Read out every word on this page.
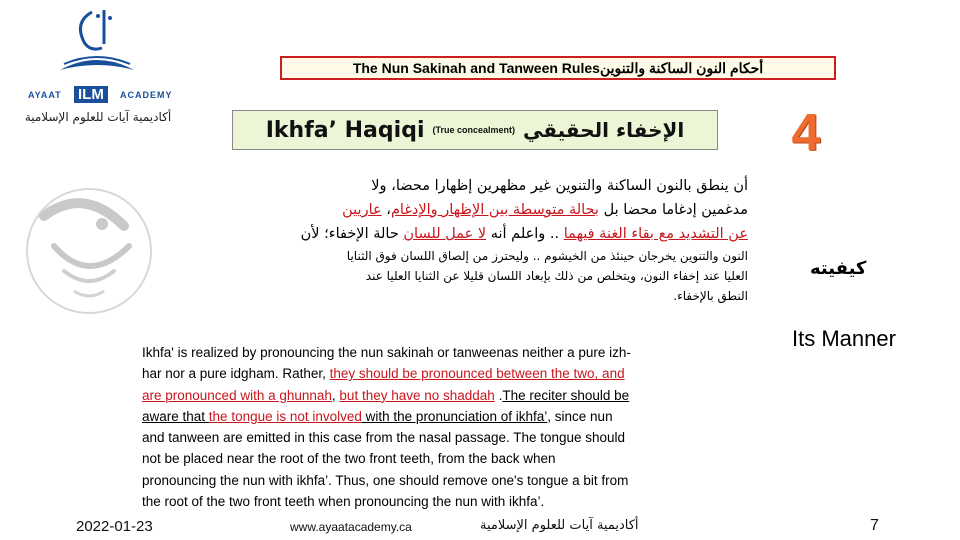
AYAAT ILM	ACADEMY
أكاديمية آيات للعلوم الإسلامية
The Nun Sakinah and Tanween Rulesأحكام النون الساكنة والتنوين
Ikhfa’ Haqiqi (True concealment) الإخفاء الحقيقي	4
أن ينطق بالنون الساكنة والتنوين غير مظهرين إظهارا محضا، ولا
مدغمين إدغاما محضا بل بحالة متوسطة بين الإظهار والإدغام، عاريين
عن التشديد مع بقاء الغنة فيهما .. واعلم أنه لا عمل للسان حالة الإخفاء؛ لأن
النون والتنوين يخرجان حينئذ من الخيشوم .. وليحترز من إلصاق اللسان فوق الثنايا
العليا عند إخفاء النون، ويتخلص من ذلك بإبعاد اللسان قليلا عن الثنايا العليا عند
النطق بالإخفاء.
كيفيته
Its Manner
Ikhfa' is realized by pronouncing the nun sakinah or tanweenas neither a pure izh-
har nor a pure idgham. Rather, they should be pronounced between the two, and
are pronounced with a ghunnah, but they have no shaddah .The reciter should be
aware that the tongue is not involved with the pronunciation of ikhfa’, since nun
and tanween are emitted in this case from the nasal passage. The tongue should
not be placed near the root of the two front teeth, from the back when
pronouncing the nun with ikhfa’. Thus, one should remove one's tongue a bit from
the root of the two front teeth when pronouncing the nun with ikhfa’.
2022-01-23	www.ayaatacademy.ca	أكاديمية آيات للعلوم الإسلامية	7
